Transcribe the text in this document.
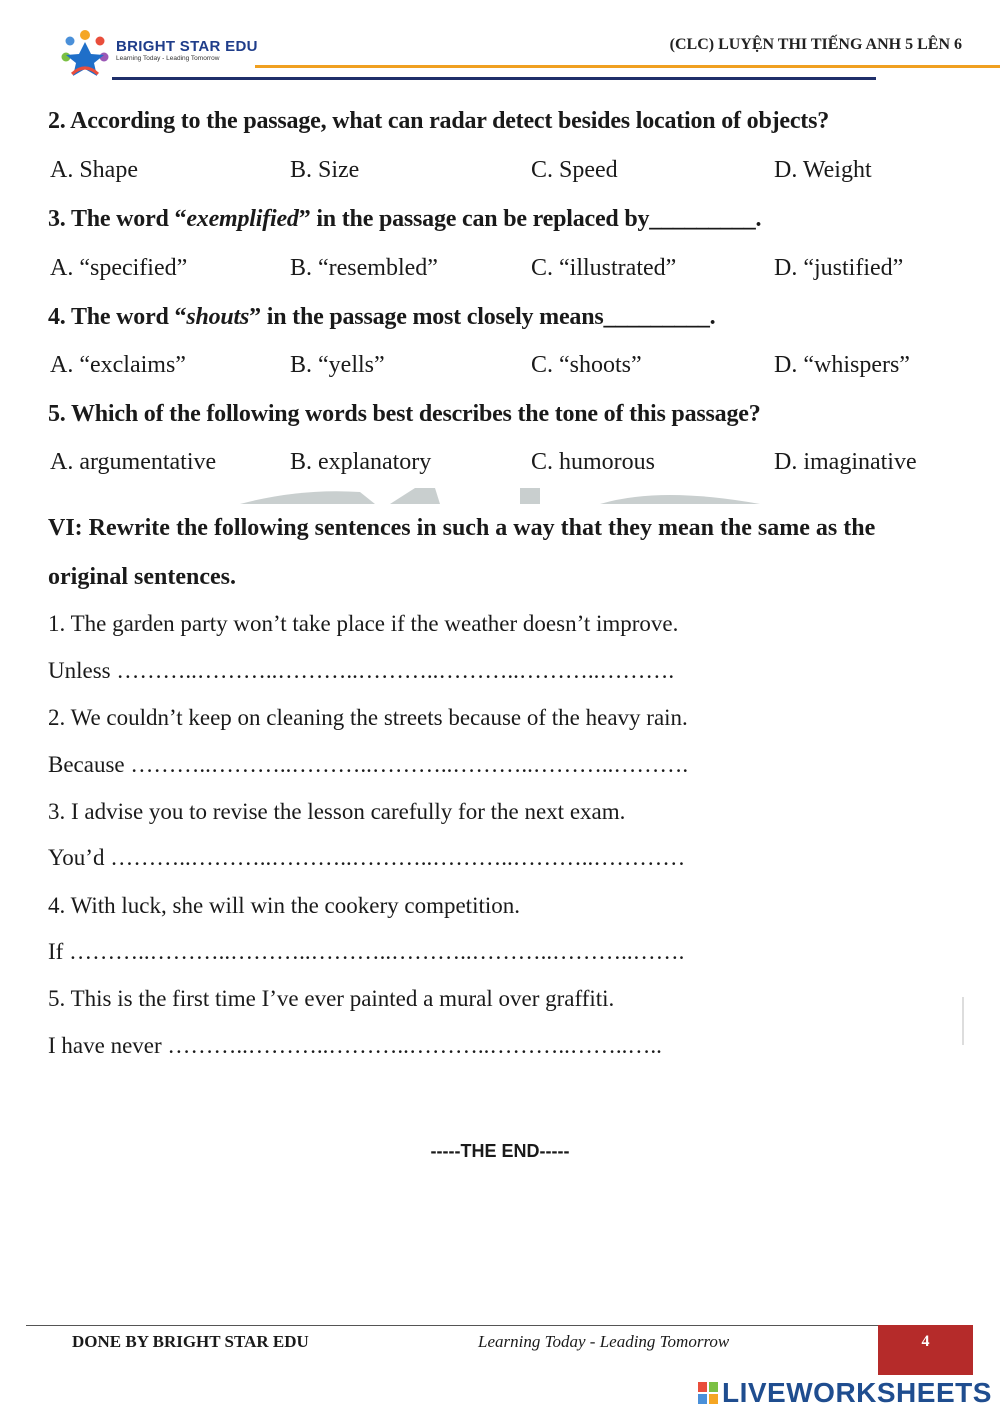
BRIGHT STAR EDU
Learning Today - Leading Tomorrow
(CLC) LUYỆN THI TIẾNG ANH 5 LÊN 6
2. According to the passage, what can radar detect besides location of objects?
A. Shape	B. Size	C. Speed	D. Weight
3. The word “exemplified” in the passage can be replaced by_________.
A. “specified”	B. “resembled”	C. “illustrated”	D. “justified”
4. The word “shouts” in the passage most closely means_________.
A. “exclaims”	B. “yells”	C. “shoots”	D. “whispers”
5. Which of the following words best describes the tone of this passage?
A. argumentative	B. explanatory	C. humorous	D. imaginative
VI: Rewrite the following sentences in such a way that they mean the same as the
original sentences.
1. The garden party won’t take place if the weather doesn’t improve.
Unless ………..………..………..………..………..………..……….
2. We couldn’t keep on cleaning the streets because of the heavy rain.
Because ………..………..………..………..………..………..……….
3. I advise you to revise the lesson carefully for the next exam.
You’d ………..………..………..………..………..………..…………
4. With luck, she will win the cookery competition.
If ………..………..………..………..………..………..………..…….
5. This is the first time I’ve ever painted a mural over graffiti.
I have never ………..………..………..………..………..……..…..
-----THE END-----
DONE BY BRIGHT STAR EDU	Learning Today - Leading Tomorrow	4
LIVEWORKSHEETS
